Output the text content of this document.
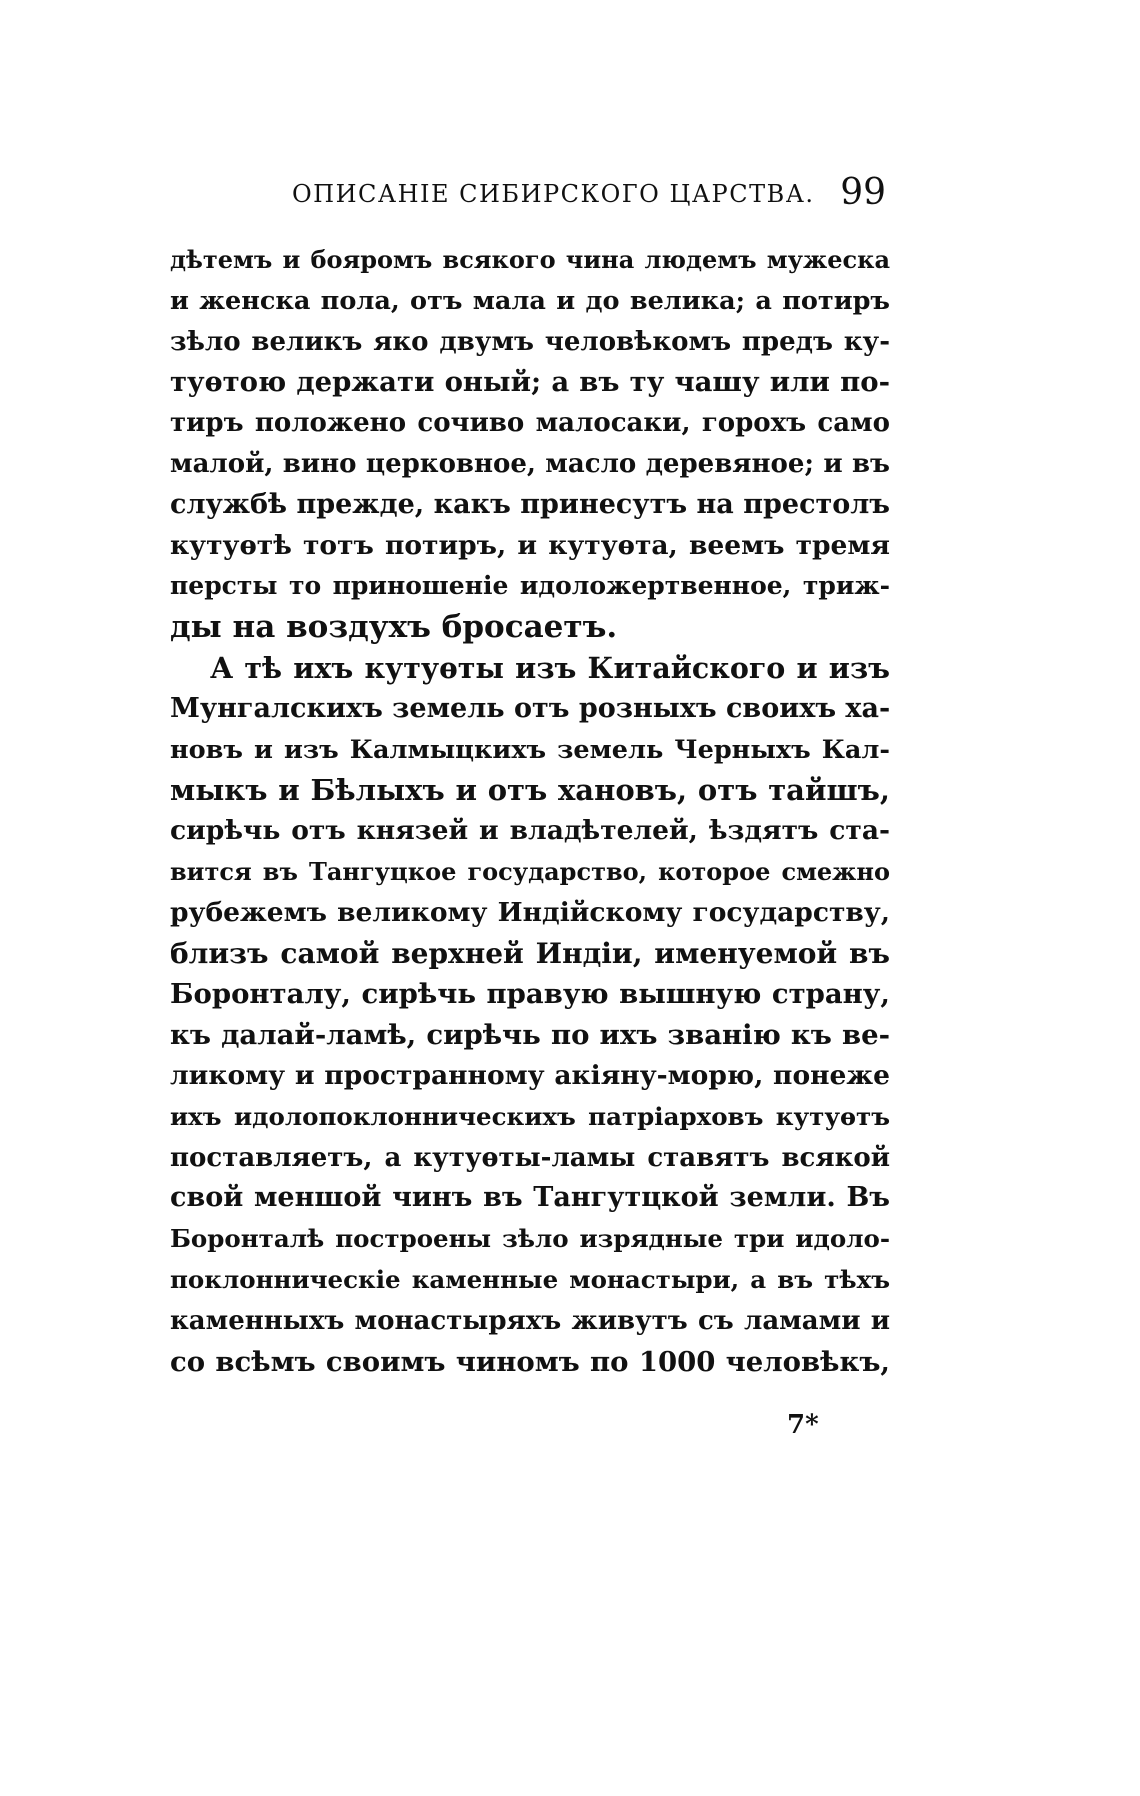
ОПИСАНІЕ СИБИРСКОГО ЦАРСТВА. 99
дѣтемъ и бояромъ всякого чина людемъ мужеска
и женска пола, отъ мала и до велика; а потиръ
зѣло великъ яко двумъ человѣкомъ предъ ку-
туѳтою держати оный; а въ ту чашу или по-
тиръ положено сочиво малосаки, горохъ само
малой, вино церковное, масло деревяное; и въ
службѣ прежде, какъ принесутъ на престолъ
кутуѳтѣ тотъ потиръ, и кутуѳта, веемъ тремя
персты то приношеніе идоложертвенное, триж-
ды на воздухъ бросаетъ.
А тѣ ихъ кутуѳты изъ Китайского и изъ
Мунгалскихъ земель отъ розныхъ своихъ ха-
новъ и изъ Калмыцкихъ земель Черныхъ Кал-
мыкъ и Бѣлыхъ и отъ хановъ, отъ тайшъ,
сирѣчь отъ князей и владѣтелей, ѣздятъ ста-
вится въ Тангуцкое государство, которое смежно
рубежемъ великому Индійскому государству,
близъ самой верхней Индіи, именуемой въ
Боронталу, сирѣчь правую вышную страну,
къ далай-ламѣ, сирѣчь по ихъ званію къ ве-
ликому и пространному акіяну-морю, понеже
ихъ идолопоклонническихъ патріарховъ кутуѳтъ
поставляетъ, а кутуѳты-ламы ставятъ всякой
свой меншой чинъ въ Тангутцкой земли. Въ
Боронталѣ построены зѣло изрядные три идоло-
поклонническіе каменные монастыри, а въ тѣхъ
каменныхъ монастыряхъ живутъ съ ламами и
со всѣмъ своимъ чиномъ по 1000 человѣкъ,
7*
